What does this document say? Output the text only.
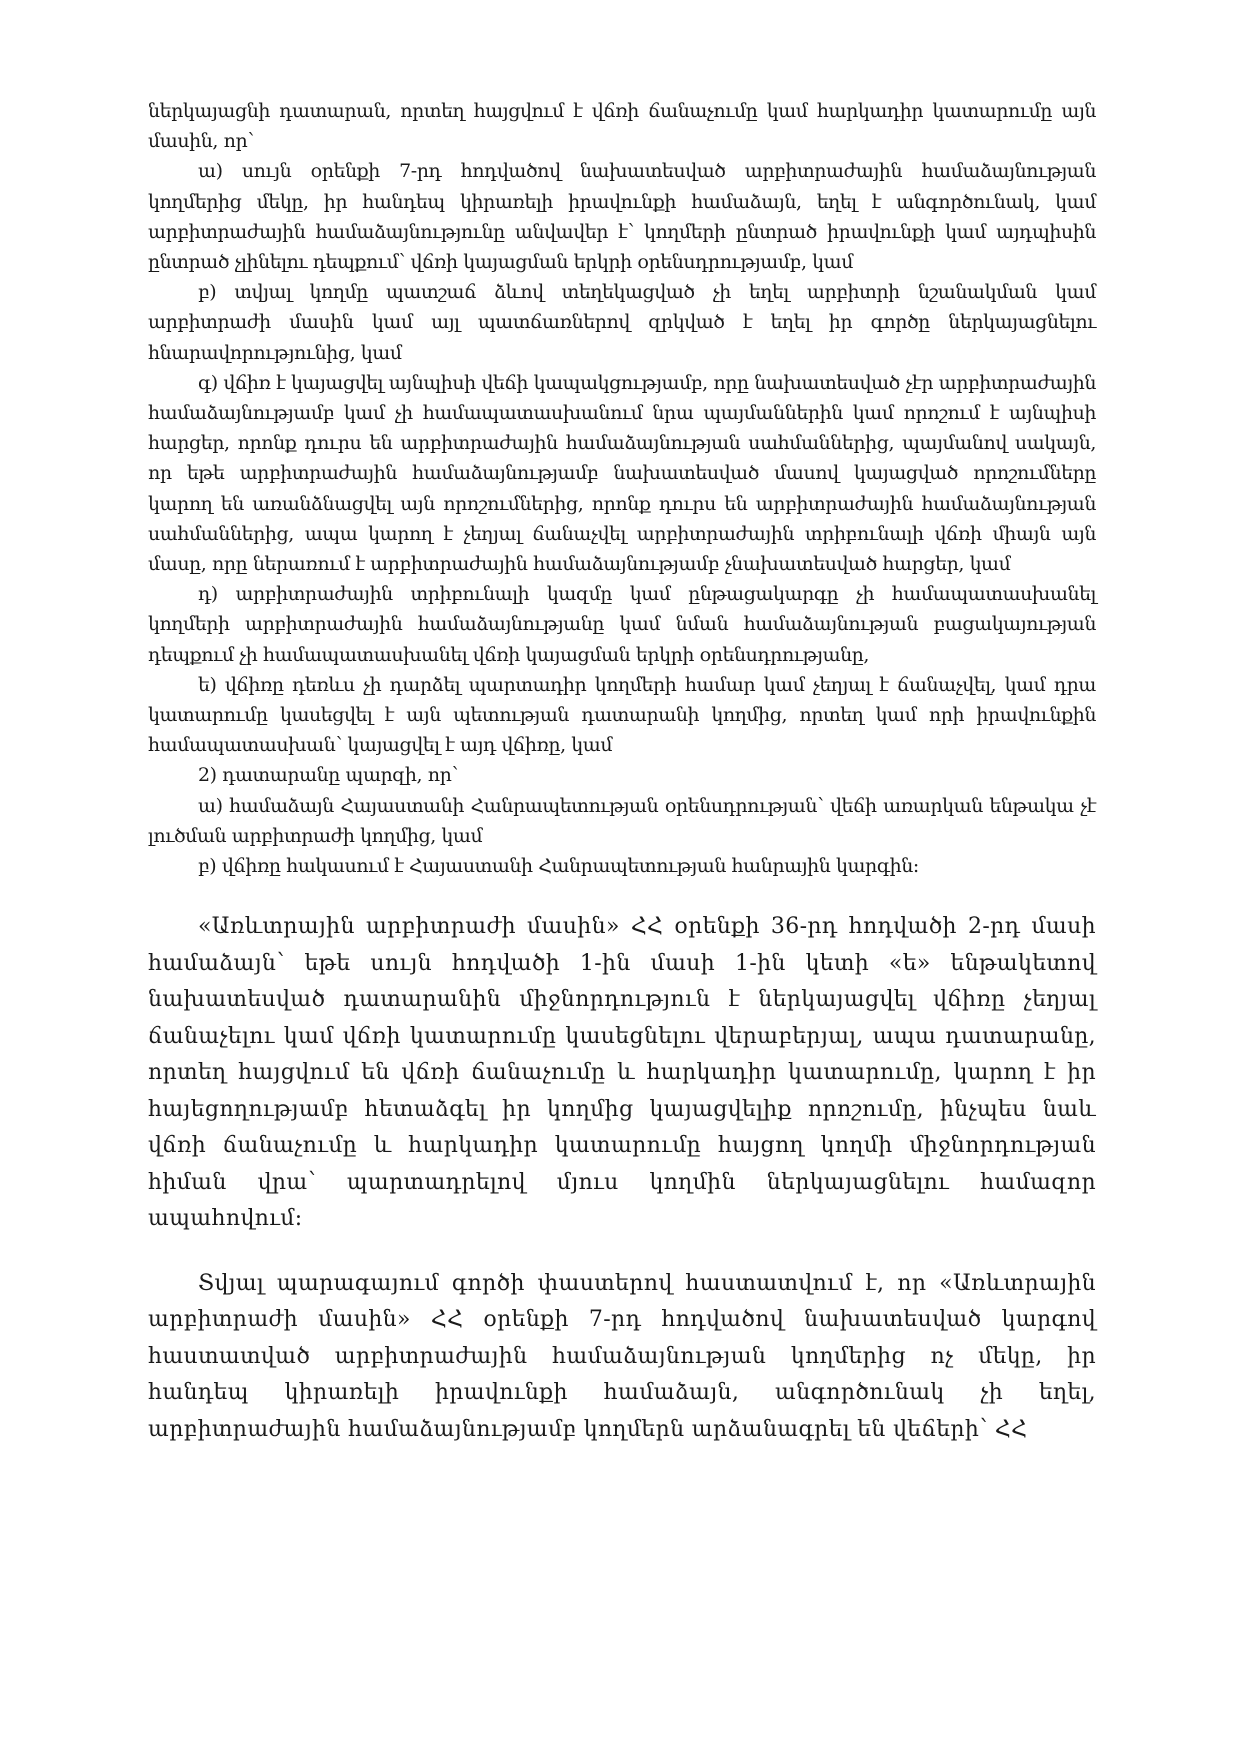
ներկայացնի դատարան, որտեղ հայցվում է վճռի ճանաչումը կամ հարկադիր կատարումը այն մասին, որ՝

ա) սույն օրենքի 7-րդ հոդվածով նախատեսված արբիտրաժային համաձայնության կողմերից մեկը, իր հանդեպ կիրառելի իրավունքի համաձայն, եղել է անգործունակ, կամ արբիտրաժային համաձայնությունը անվավեր է՝ կողմերի ընտրած իրավունքի կամ այդպիսին ընտրած չլինելու դեպքում՝ վճռի կայացման երկրի օրենսդրությամբ, կամ

բ) տվյալ կողմը պատշաճ ձևով տեղեկացված չի եղել արբիտրի նշանակման կամ արբիտրաժի մասին կամ այլ պատճառներով զրկված է եղել իր գործը ներկայացնելու հնարավորությունից, կամ

գ) վճիռ է կայացվել այնպիսի վեճի կապակցությամբ, որը նախատեսված չէր արբիտրաժային համաձայնությամբ կամ չի համապատասխանում նրա պայմաններին կամ որոշում է այնպիսի հարցեր, որոնք դուրս են արբիտրաժային համաձայնության սահմաններից, պայմանով սակայն, որ եթե արբիտրաժային համաձայնությամբ նախատեսված մասով կայացված որոշումները կարող են առանձնացվել այն որոշումներից, որոնք դուրս են արբիտրաժային համաձայնության սահմաններից, ապա կարող է չեղյալ ճանաչվել արբիտրաժային տրիբունալի վճռի միայն այն մասը, որը ներառում է արբիտրաժային համաձայնությամբ չնախատեսված հարցեր, կամ

դ) արբիտրաժային տրիբունալի կազմը կամ ընթացակարգը չի համապատասխանել կողմերի արբիտրաժային համաձայնությանը կամ նման համաձայնության բացակայության դեպքում չի համապատասխանել վճռի կայացման երկրի օրենսդրությանը,

ե) վճիռը դեռևս չի դարձել պարտադիր կողմերի համար կամ չեղյալ է ճանաչվել, կամ դրա կատարումը կասեցվել է այն պետության դատարանի կողմից, որտեղ կամ որի իրավունքին համապատասխան՝ կայացվել է այդ վճիռը, կամ

2) դատարանը պարզի, որ՝

ա) համաձայն Հայաստանի Հանրապետության օրենսդրության՝ վեճի առարկան ենթակա չէ լուծման արբիտրաժի կողմից, կամ

բ) վճիռը հակասում է Հայաստանի Հանրապետության հանրային կարգին:

«Առևտրային արբիտրաժի մասին» ՀՀ օրենքի 36-րդ հոդվածի 2-րդ մասի համաձայն՝ եթե սույն հոդվածի 1-ին մասի 1-ին կետի «ե» ենթակետով նախատեսված դատարանին միջնորդություն է ներկայացվել վճիռը չեղյալ ճանաչելու կամ վճռի կատարումը կասեցնելու վերաբերյալ, ապա դատարանը, որտեղ հայցվում են վճռի ճանաչումը և հարկադիր կատարումը, կարող է իր հայեցողությամբ հետաձգել իր կողմից կայացվելիք որոշումը, ինչպես նաև վճռի ճանաչումը և հարկադիր կատարումը հայցող կողմի միջնորդության հիման վրա՝ պարտադրելով մյուս կողմին ներկայացնելու համազոր ապահովում:

Տվյալ պարագայում գործի փաստերով հաստատվում է, որ «Առևտրային արբիտրաժի մասին» ՀՀ օրենքի 7-րդ հոդվածով նախատեսված կարգով հաստատված արբիտրաժային համաձայնության կողմերից ոչ մեկը, իր հանդեպ կիրառելի իրավունքի համաձայն, անգործունակ չի եղել, արբիտրաժային համաձայնությամբ կողմերն արձանագրել են վեճերի՝ ՀՀ
